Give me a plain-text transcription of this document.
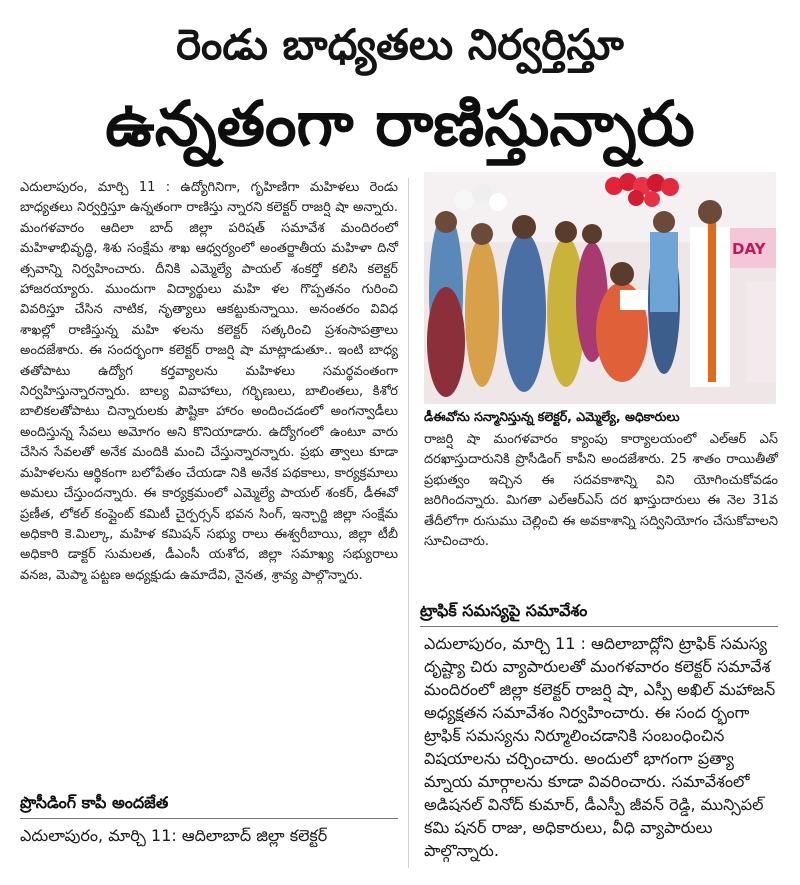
రెండు బాధ్యతలు నిర్వర్తిస్తూ
ఉన్నతంగా రాణిస్తున్నారు

ఎదులాపురం, మార్చి 11 : ఉద్యోగినిగా, గృహిణిగా మహిళలు రెండు బాధ్యతలు నిర్వర్తిస్తూ ఉన్నతంగా రాణిస్తు న్నారని కలెక్టర్ రాజర్షి షా అన్నారు. మంగళవారం ఆదిలా బాద్ జిల్లా పరిషత్ సమావేశ మందిరంలో మహిళాభివృద్ధి, శిశు సంక్షేమ శాఖ ఆధ్వర్యంలో అంతర్జాతీయ మహిళా దినో త్సవాన్ని నిర్వహించారు. దీనికి ఎమ్మెల్యే పాయల్ శంకర్తో కలిసి కలెక్టర్ హాజరయ్యారు. ముందుగా విద్యార్థులు మహి ళల గొప్పతనం గురించి వివరిస్తూ చేసిన నాటిక, నృత్యాలు ఆకట్టుకున్నాయి. అనంతరం వివిధ శాఖల్లో రాణిస్తున్న మహి ళలను కలెక్టర్ సత్కరించి ప్రశంసాపత్రాలు అందజేశారు. ఈ సందర్భంగా కలెక్టర్ రాజర్షి షా మాట్లాడుతూ.. ఇంటి బాధ్య తతోపాటు ఉద్యోగ కర్తవ్యాలను మహిళలు సమర్థవంతంగా నిర్వహిస్తున్నారన్నారు. బాల్య వివాహాలు, గర్భిణులు, బాలింతలు, కిశోర బాలికలతోపాటు చిన్నారులకు పౌష్టికా హారం అందించడంలో అంగన్వాడీలు అందిస్తున్న సేవలు అమోగం అని కొనియాడారు. ఉద్యోగంలో ఉంటూ వారు చేసిన సేవలతో అనేక మందికి మంచి చేస్తున్నారన్నారు. ప్రభు త్వాలు కూడా మహిళలను ఆర్థికంగా బలోపేతం చేయడా నికి అనేక పథకాలు, కార్యక్రమాలు అమలు చేస్తుందన్నారు. ఈ కార్యక్రమంలో ఎమ్మెల్యే పాయల్ శంకర్, డీఈవో ప్రణీత, లోకల్ కంప్లైంట్ కమిటీ చైర్పర్సన్ భవన సింగ్, ఇన్చార్జి జిల్లా సంక్షేమ అధికారి కె.మిల్కా, మహిళ కమిషన్ సభ్యు రాలు ఈశ్వరీబాయి, జిల్లా టీబీ అధికారి డాక్టర్ సుమలత, డీఎంసీ యశోద, జిల్లా సమాఖ్య సభ్యురాలు వనజ, మెప్మా పట్టణ అధ్యక్షుడు ఉమాదేవి, నైనత, శ్రావ్య పాల్గొన్నారు.

DAY
డీఈవోను సన్మానిస్తున్న కలెక్టర్, ఎమ్మెల్యే, అధికారులు

రాజర్షి షా మంగళవారం క్యాంపు కార్యాలయంలో ఎల్ఆర్ ఎస్ దరఖాస్తుదారునికి ప్రొసీడింగ్ కాపీని అందజేశారు. 25 శాతం రాయితీతో ప్రభుత్వం ఇచ్చిన ఈ సదవకాశాన్ని విని యోగించుకోవడం జరిగిందన్నారు. మిగతా ఎల్ఆర్ఎస్ దర ఖాస్తుదారులు ఈ నెల 31వ తేదీలోగా రుసుము చెల్లించి ఈ అవకాశాన్ని సద్వినియోగం చేసుకోవాలని సూచించారు.

ట్రాఫిక్ సమస్యపై సమావేశం

ఎదులాపురం, మార్చి 11 : ఆదిలాబాద్లోని ట్రాఫిక్ సమస్య దృష్ట్యా చిరు వ్యాపారులతో మంగళవారం కలెక్టర్ సమావేశ మందిరంలో జిల్లా కలెక్టర్ రాజర్షి షా, ఎస్పీ అఖిల్ మహాజన్ అధ్యక్షతన సమావేశం నిర్వహించారు. ఈ సంద ర్భంగా ట్రాఫిక్ సమస్యను నిర్మూలించడానికి సంబంధించిన విషయాలను చర్చించారు. అందులో భాగంగా ప్రత్యా మ్నాయ మార్గాలను కూడా వివరించారు. సమావేశంలో అడిషనల్ వినోద్ కుమార్, డీఎస్పీ జీవన్ రెడ్డి, మున్సిపల్ కమి షనర్ రాజు, అధికారులు, వీధి వ్యాపారులు పాల్గొన్నారు.

ప్రొసీడింగ్ కాపీ అందజేత

ఎదులాపురం, మార్చి 11: ఆదిలాబాద్ జిల్లా కలెక్టర్
